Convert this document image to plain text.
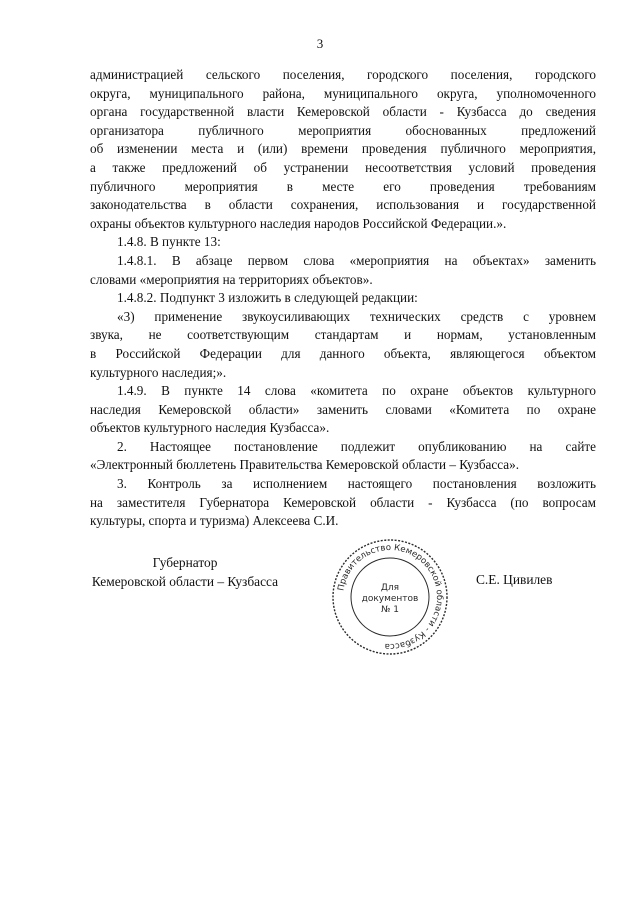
3
администрацией сельского поселения, городского поселения, городского
округа, муниципального района, муниципального округа, уполномоченного
органа государственной власти Кемеровской области - Кузбасса до сведения
организатора публичного мероприятия обоснованных предложений
об изменении места и (или) времени проведения публичного мероприятия,
а также предложений об устранении несоответствия условий проведения
публичного мероприятия в месте его проведения требованиям
законодательства в области сохранения, использования и государственной
охраны объектов культурного наследия народов Российской Федерации.».
1.4.8. В пункте 13:
1.4.8.1. В абзаце первом слова «мероприятия на объектах» заменить
словами «мероприятия на территориях объектов».
1.4.8.2. Подпункт 3 изложить в следующей редакции:
«3) применение звукоусиливающих технических средств с уровнем
звука, не соответствующим стандартам и нормам, установленным
в Российской Федерации для данного объекта, являющегося объектом
культурного наследия;».
1.4.9. В пункте 14 слова «комитета по охране объектов культурного
наследия Кемеровской области» заменить словами «Комитета по охране
объектов культурного наследия Кузбасса».
2. Настоящее постановление подлежит опубликованию на сайте
«Электронный бюллетень Правительства Кемеровской области – Кузбасса».
3. Контроль за исполнением настоящего постановления возложить
на заместителя Губернатора Кемеровской области - Кузбасса (по вопросам
культуры, спорта и туризма) Алексеева С.И.
Губернатор
Кемеровской области – Кузбасса	Правительство Кемеровской области - Кузбасса
Для
документов
№ 1
С.Е. Цивилев
